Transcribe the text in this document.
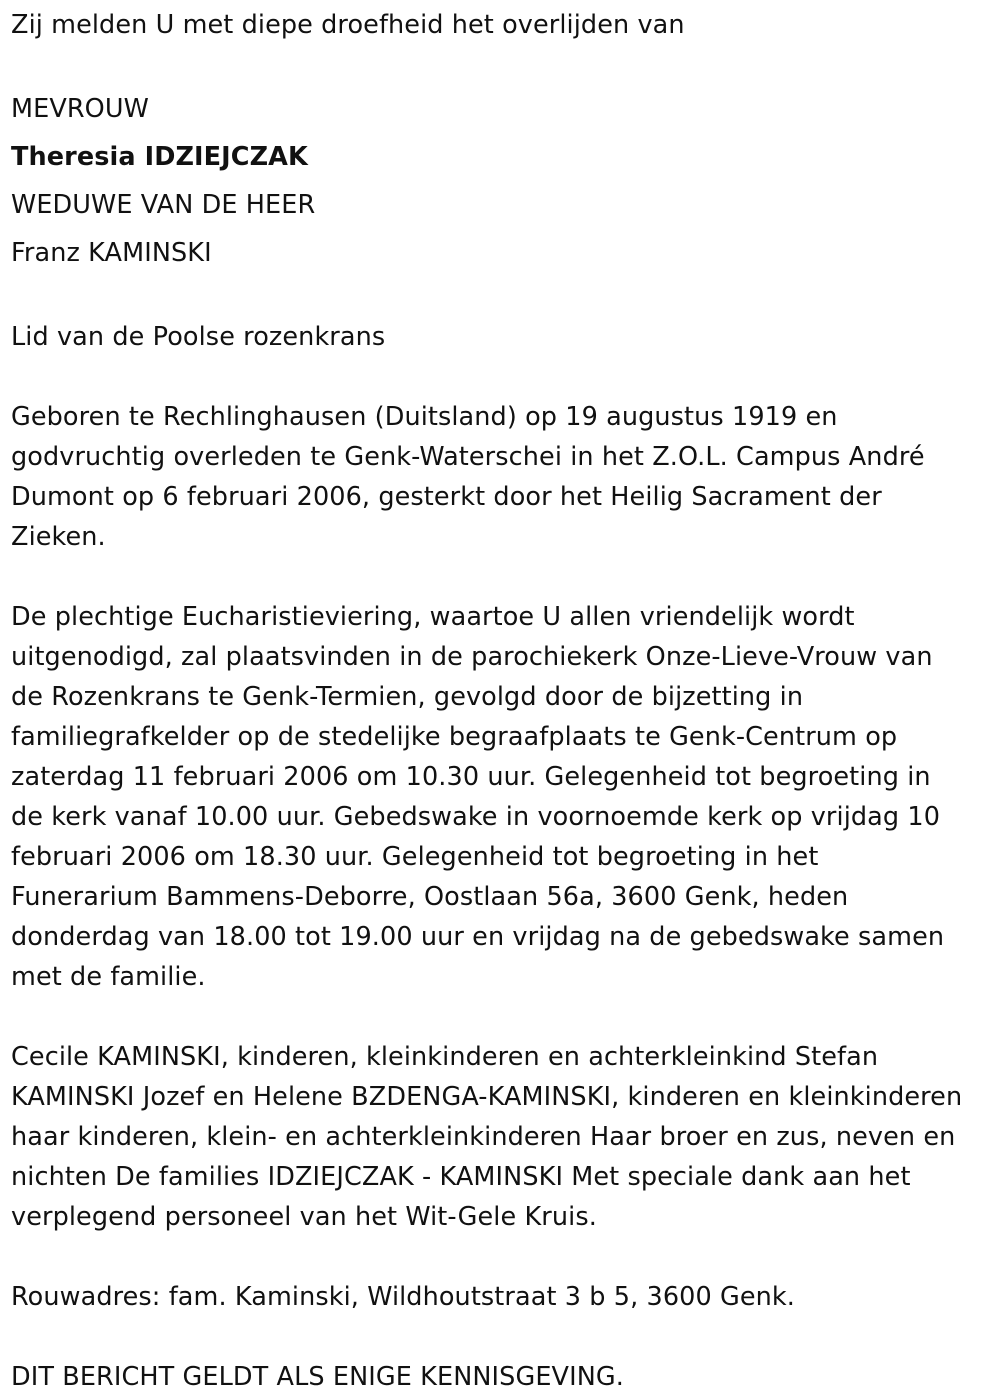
Zij melden U met diepe droefheid het overlijden van
MEVROUW
Theresia IDZIEJCZAK
WEDUWE VAN DE HEER
Franz KAMINSKI
Lid van de Poolse rozenkrans
Geboren te Rechlinghausen (Duitsland) op 19 augustus 1919 en
godvruchtig overleden te Genk-Waterschei in het Z.O.L. Campus André
Dumont op 6 februari 2006, gesterkt door het Heilig Sacrament der
Zieken.
De plechtige Eucharistieviering, waartoe U allen vriendelijk wordt
uitgenodigd, zal plaatsvinden in de parochiekerk Onze-Lieve-Vrouw van
de Rozenkrans te Genk-Termien, gevolgd door de bijzetting in
familiegrafkelder op de stedelijke begraafplaats te Genk-Centrum op
zaterdag 11 februari 2006 om 10.30 uur. Gelegenheid tot begroeting in
de kerk vanaf 10.00 uur. Gebedswake in voornoemde kerk op vrijdag 10
februari 2006 om 18.30 uur. Gelegenheid tot begroeting in het
Funerarium Bammens-Deborre, Oostlaan 56a, 3600 Genk, heden
donderdag van 18.00 tot 19.00 uur en vrijdag na de gebedswake samen
met de familie.
Cecile KAMINSKI, kinderen, kleinkinderen en achterkleinkind Stefan
KAMINSKI Jozef en Helene BZDENGA-KAMINSKI, kinderen en kleinkinderen
haar kinderen, klein- en achterkleinkinderen Haar broer en zus, neven en
nichten De families IDZIEJCZAK - KAMINSKI Met speciale dank aan het
verplegend personeel van het Wit-Gele Kruis.
Rouwadres: fam. Kaminski, Wildhoutstraat 3 b 5, 3600 Genk.
DIT BERICHT GELDT ALS ENIGE KENNISGEVING.
